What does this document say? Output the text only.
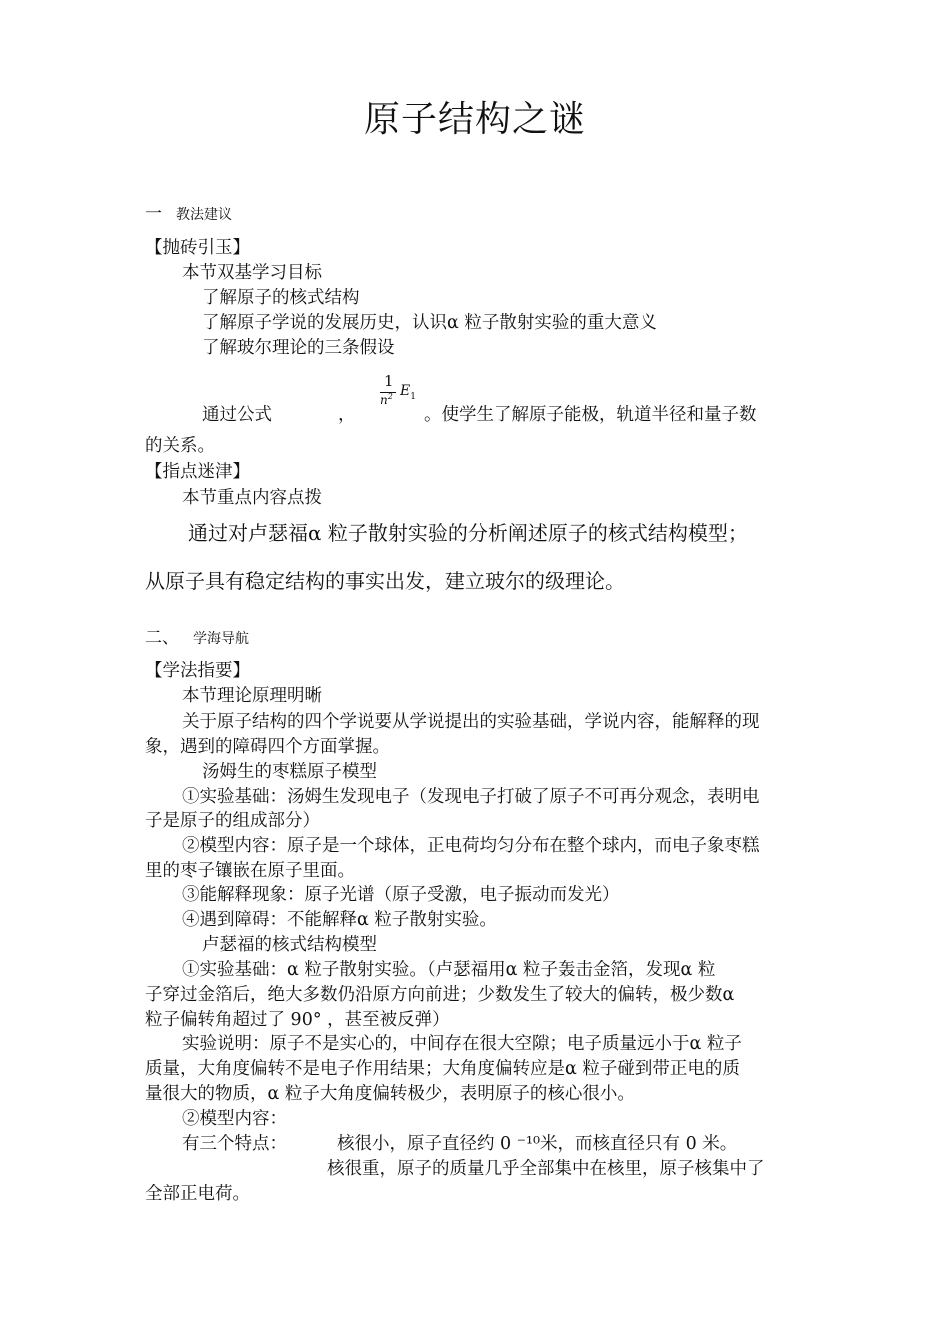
原子结构之谜
一 教法建议
【抛砖引玉】
本节双基学习目标
了解原子的核式结构
了解原子学说的发展历史，认识α 粒子散射实验的重大意义
了解玻尔理论的三条假设
通过公式	，
1
$n^2$ $E_1$
。使学生了解原子能极，轨道半径和量子数
的关系。
【指点迷津】
本节重点内容点拨
通过对卢瑟福α 粒子散射实验的分析阐述原子的核式结构模型；
从原子具有稳定结构的事实出发，建立玻尔的级理论。
二、 学海导航
【学法指要】
本节理论原理明晰
关于原子结构的四个学说要从学说提出的实验基础，学说内容，能解释的现
象，遇到的障碍四个方面掌握。
汤姆生的枣糕原子模型
①实验基础：汤姆生发现电子（发现电子打破了原子不可再分观念，表明电
子是原子的组成部分）
②模型内容：原子是一个球体，正电荷均匀分布在整个球内，而电子象枣糕
里的枣子镶嵌在原子里面。
③能解释现象：原子光谱（原子受激，电子振动而发光）
④遇到障碍：不能解释α 粒子散射实验。
卢瑟福的核式结构模型
①实验基础：α 粒子散射实验。（卢瑟福用α 粒子轰击金箔，发现α 粒
子穿过金箔后，绝大多数仍沿原方向前进；少数发生了较大的偏转，极少数α
粒子偏转角超过了 90° ，甚至被反弹）
实验说明：原子不是实心的，中间存在很大空隙；电子质量远小于α 粒子
质量，大角度偏转不是电子作用结果；大角度偏转应是α 粒子碰到带正电的质
量很大的物质，α 粒子大角度偏转极少，表明原子的核心很小。
②模型内容：
有三个特点：	核很小，原子直径约 0 ⁻¹⁰米，而核直径只有 0 米。
核很重，原子的质量几乎全部集中在核里，原子核集中了
全部正电荷。
